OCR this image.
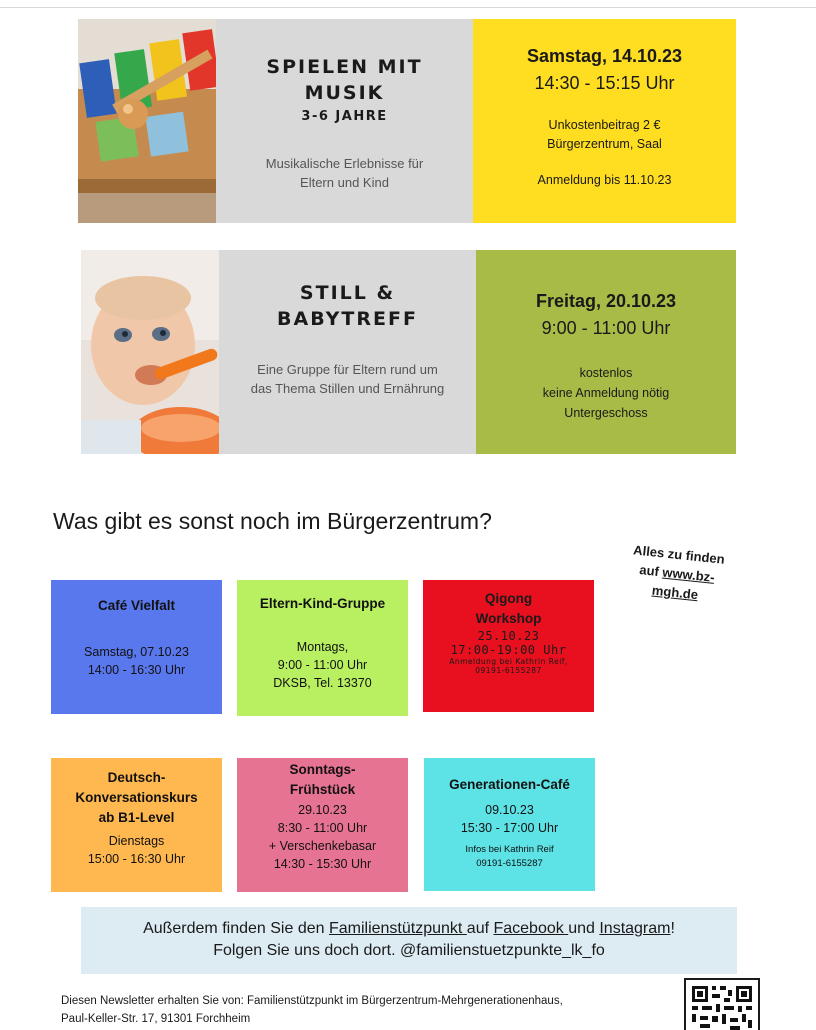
SPIELEN MIT
MUSIK
3-6 JAHRE
Musikalische Erlebnisse für
Eltern und Kind
Samstag, 14.10.23
14:30 - 15:15 Uhr
Unkostenbeitrag 2 €
Bürgerzentrum, Saal
Anmeldung bis 11.10.23
STILL &
BABYTREFF
Eine Gruppe für Eltern rund um
das Thema Stillen und Ernährung
Freitag, 20.10.23
9:00 - 11:00 Uhr
kostenlos
keine Anmeldung nötig
Untergeschoss
Was gibt es sonst noch im Bürgerzentrum?
Alles zu finden
auf www.bz-
mgh.de
Café Vielfalt
Samstag, 07.10.23
14:00 - 16:30 Uhr
Eltern-Kind-Gruppe
Montags,
9:00 - 11:00 Uhr
DKSB, Tel. 13370
Qigong
Workshop
25.10.23
17:00-19:00 Uhr
Anmeldung bei Kathrin Reif,
09191-6155287
Deutsch-
Konversationskurs
ab B1-Level
Dienstags
15:00 - 16:30 Uhr
Sonntags-
Frühstück
29.10.23
8:30 - 11:00 Uhr
+ Verschenkebasar
14:30 - 15:30 Uhr
Generationen-Café
09.10.23
15:30 - 17:00 Uhr
Infos bei Kathrin Reif
09191-6155287
Außerdem finden Sie den Familienstützpunkt auf Facebook und Instagram!
Folgen Sie uns doch dort. @familienstuetzpunkte_lk_fo
Diesen Newsletter erhalten Sie von: Familienstützpunkt im Bürgerzentrum-Mehrgenerationenhaus,
Paul-Keller-Str. 17, 91301 Forchheim
